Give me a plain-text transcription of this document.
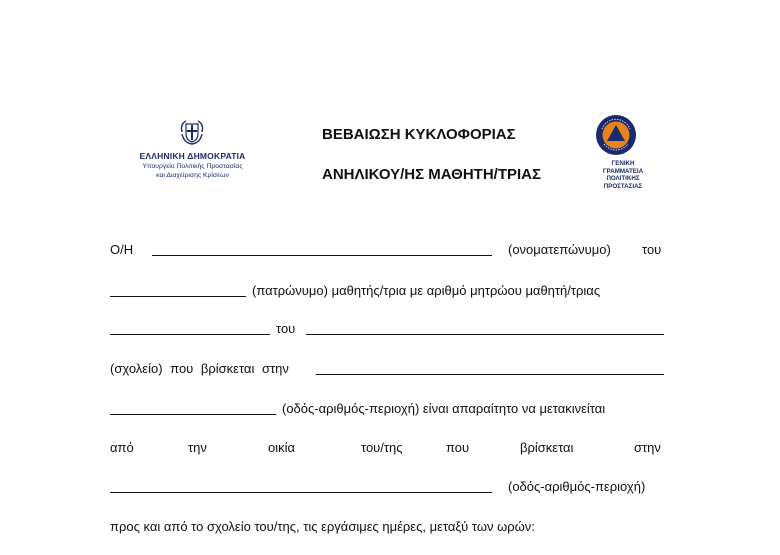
ΕΛΛΗΝΙΚΗ ΔΗΜΟΚΡΑΤΙΑ
Υπουργείο Πολιτικής Προστασίας
και Διαχείρισης Κρίσεων
ΒΕΒΑΙΩΣΗ ΚΥΚΛΟΦΟΡΙΑΣ
ΑΝΗΛΙΚΟΥ/ΗΣ ΜΑΘΗΤΗ/ΤΡΙΑΣ
ΓΕΝΙΚΗ ΓΡΑΜΜΑΤΕΙΑ
ΠΟΛΙΤΙΚΗΣ ΠΡΟΣΤΑΣΙΑΣ
Ο/Η	(ονοματεπώνυμο) του
(πατρώνυμο) μαθητής/τρια με αριθμό μητρώου μαθητή/τριας
του
(σχολείο) που βρίσκεται στην
(οδός-αριθμός-περιοχή) είναι απαραίτητο να μετακινείται
από	την	οικία	του/της	που	βρίσκεται	στην
(οδός-αριθμός-περιοχή)
προς και από το σχολείο του/της, τις εργάσιμες ημέρες, μεταξύ των ωρών:
